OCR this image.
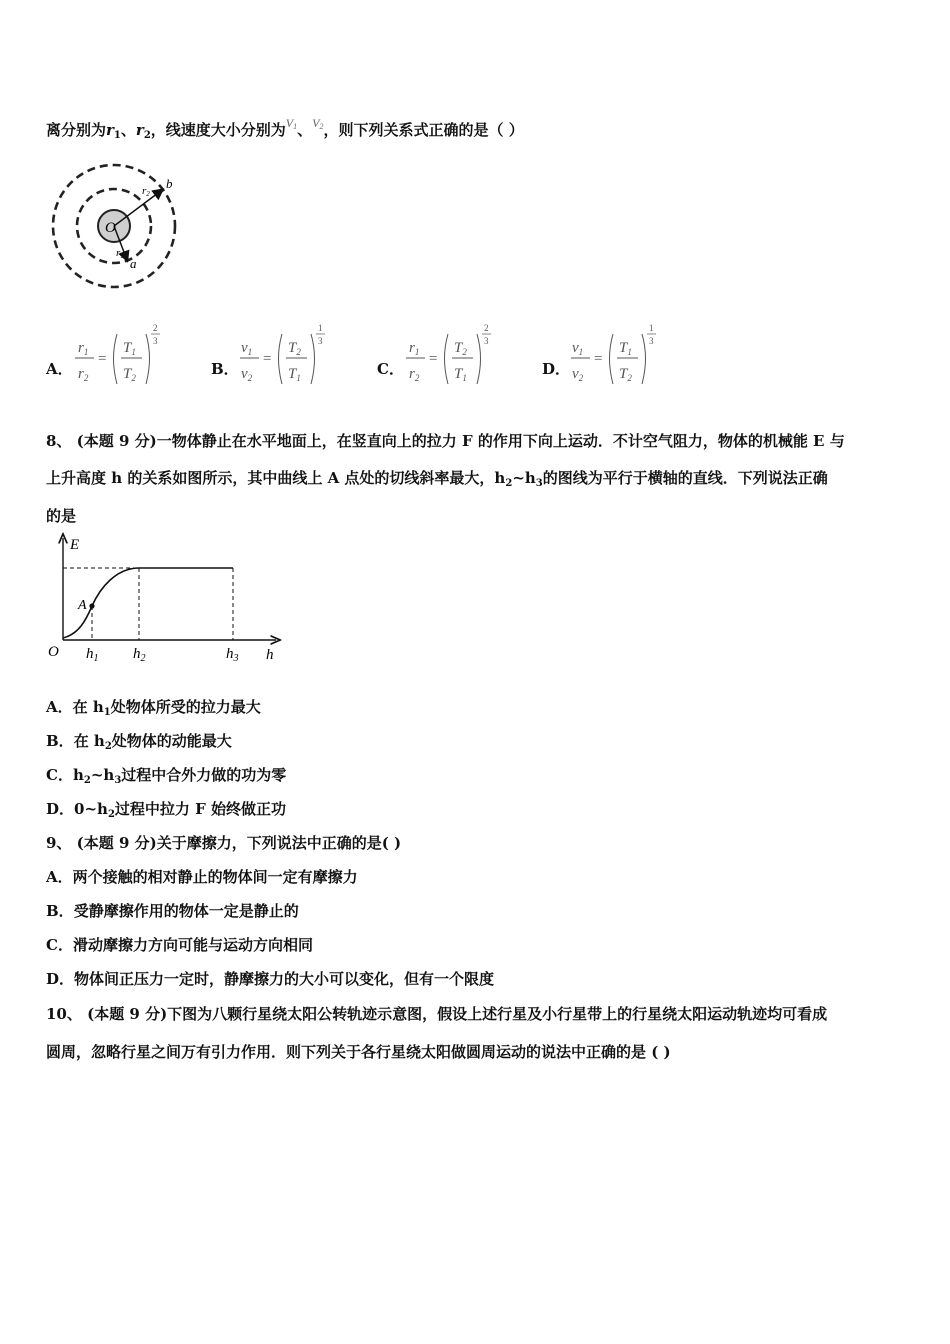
离分别为$r_1$、$r_2$，线速度大小分别为$^{V1}$、$^{V2}$，则下列关系式正确的是（ ）
O
r2
b
r1 a
A．
$r_1$
$r_2$
=
$T_1$
$T_2$
2
3
B．
$v_1$
$v_2$
=
$T_2$
$T_1$
1
3
C．
$r_1$
$r_2$
=
$T_2$
$T_1$
2
3
D．
$v_1$
$v_2$
=
$T_1$
$T_2$
1
3
8、 (本题 9 分)一物体静止在水平地面上，在竖直向上的拉力 F 的作用下向上运动．不计空气阻力，物体的机械能 E 与
上升高度 h 的关系如图所示，其中曲线上 A 点处的切线斜率最大，$h_2\sim h_3$的图线为平行于横轴的直线．下列说法正确
的是
E
A
O $h_1$ $h_2$	$h_3$ h
A．在 $h_1$处物体所受的拉力最大
B．在 $h_2$处物体的动能最大
C．$h_2\sim h_3$过程中合外力做的功为零
D．$0\sim h_2$过程中拉力 F 始终做正功
9、 (本题 9 分)关于摩擦力，下列说法中正确的是( )
A．两个接触的相对静止的物体间一定有摩擦力
B．受静摩擦作用的物体一定是静止的
C．滑动摩擦力方向可能与运动方向相同
D．物体间正压力一定时，静摩擦力的大小可以变化，但有一个限度
10、 (本题 9 分)下图为八颗行星绕太阳公转轨迹示意图，假设上述行星及小行星带上的行星绕太阳运动轨迹均可看成
圆周，忽略行星之间万有引力作用．则下列关于各行星绕太阳做圆周运动的说法中正确的是 ( )
